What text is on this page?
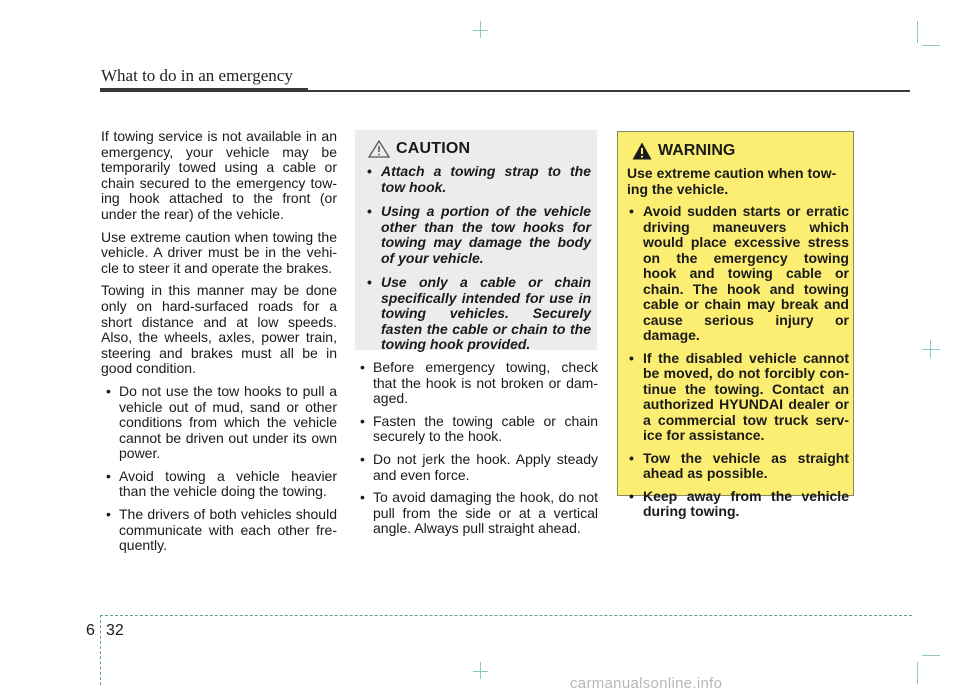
What to do in an emergency

If towing service is not available in an emergency, your vehicle may be temporarily towed using a cable or chain secured to the emergency tow-ing hook attached to the front (or under the rear) of the vehicle.

Use extreme caution when towing the vehicle. A driver must be in the vehi-cle to steer it and operate the brakes.

Towing in this manner may be done only on hard-surfaced roads for a short distance and at low speeds. Also, the wheels, axles, power train, steering and brakes must all be in good condition.

• Do not use the tow hooks to pull a vehicle out of mud, sand or other conditions from which the vehicle cannot be driven out under its own power.
• Avoid towing a vehicle heavier than the vehicle doing the towing.
• The drivers of both vehicles should communicate with each other fre-quently.
CAUTION
• Attach a towing strap to the tow hook.
• Using a portion of the vehicle other than the tow hooks for towing may damage the body of your vehicle.
• Use only a cable or chain specifically intended for use in towing vehicles. Securely fasten the cable or chain to the towing hook provided.
• Before emergency towing, check that the hook is not broken or dam-aged.
• Fasten the towing cable or chain securely to the hook.
• Do not jerk the hook. Apply steady and even force.
• To avoid damaging the hook, do not pull from the side or at a vertical angle. Always pull straight ahead.
WARNING

Use extreme caution when tow-ing the vehicle.

• Avoid sudden starts or erratic driving maneuvers which would place excessive stress on the emergency towing hook and towing cable or chain. The hook and towing cable or chain may break and cause serious injury or damage.
• If the disabled vehicle cannot be moved, do not forcibly con-tinue the towing. Contact an authorized HYUNDAI dealer or a commercial tow truck serv-ice for assistance.
• Tow the vehicle as straight ahead as possible.
• Keep away from the vehicle during towing.
6 32
carmanualsonline.info
